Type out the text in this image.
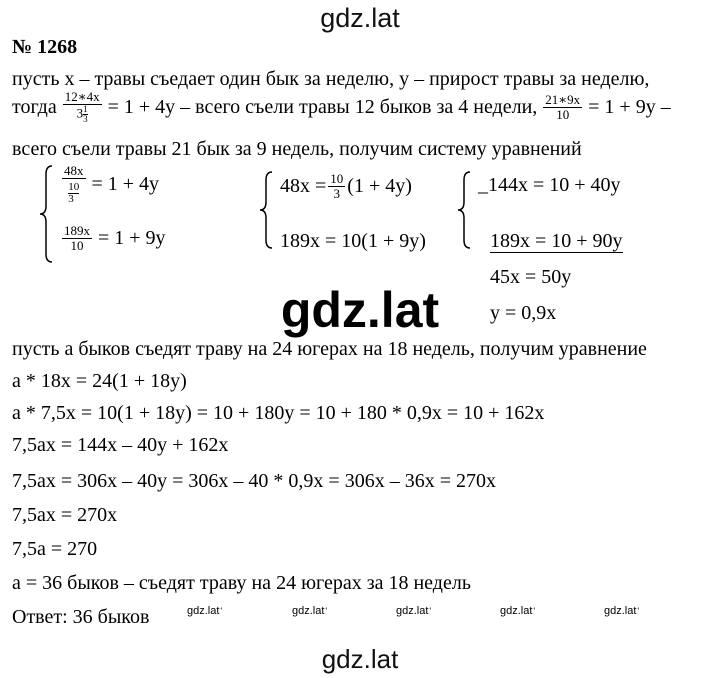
gdz.lat
gdz.lat
gdz.lat
№ 1268
пусть x – травы съедает один бык за неделю, у – прирост травы за неделю,
тогда $\frac{12∗4x}{3 \frac{1}{3}} = 1 + 4y$ – всего съели травы 12 быков за 4 недели, $\frac{21∗9x}{10} = 1 + 9y$ –
всего съели травы 21 бык за 9 недель, получим систему уравнений
$\frac{48x}{\frac{10}{3}} = 1 + 4y$
$\frac{189x}{10} = 1 + 9y$
$48x = \frac{10}{3} (1 + 4y)$
189x = 10(1 + 9y)
_144x = 10 + 40y
189x = 10 + 90y
45x = 50y
y = 0,9x
пусть a быков съедят траву на 24 югерах на 18 недель, получим уравнение
a * 18x = 24(1 + 18y)
a * 7,5x = 10(1 + 18y) = 10 + 180y = 10 + 180 * 0,9x = 10 + 162x
7,5ax = 144x – 40y + 162x
7,5ax = 306x – 40y = 306x – 40 * 0,9x = 306x – 36x = 270x
7,5ax = 270x
7,5a = 270
a = 36 быков – съедят траву на 24 югерах за 18 недель
Ответ: 36 быков	gdz.lat '	gdz.lat '	gdz.lat '	gdz.lat '	gdz.lat '
